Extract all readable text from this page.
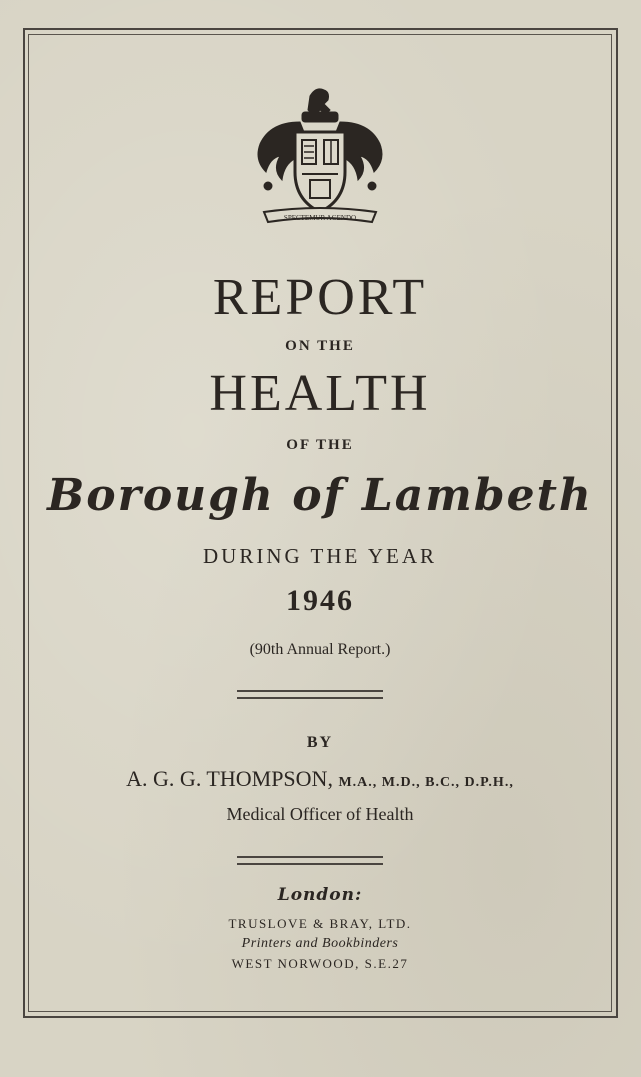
SPECTEMUR AGENDO
REPORT
ON THE
HEALTH
OF THE
Borough of Lambeth
DURING THE YEAR
1946
(90th Annual Report.)
BY
A. G. G. THOMPSON, M.A., M.D., B.C., D.P.H.,
Medical Officer of Health
London:
TRUSLOVE & BRAY, LTD.
Printers and Bookbinders
WEST NORWOOD, S.E.27
